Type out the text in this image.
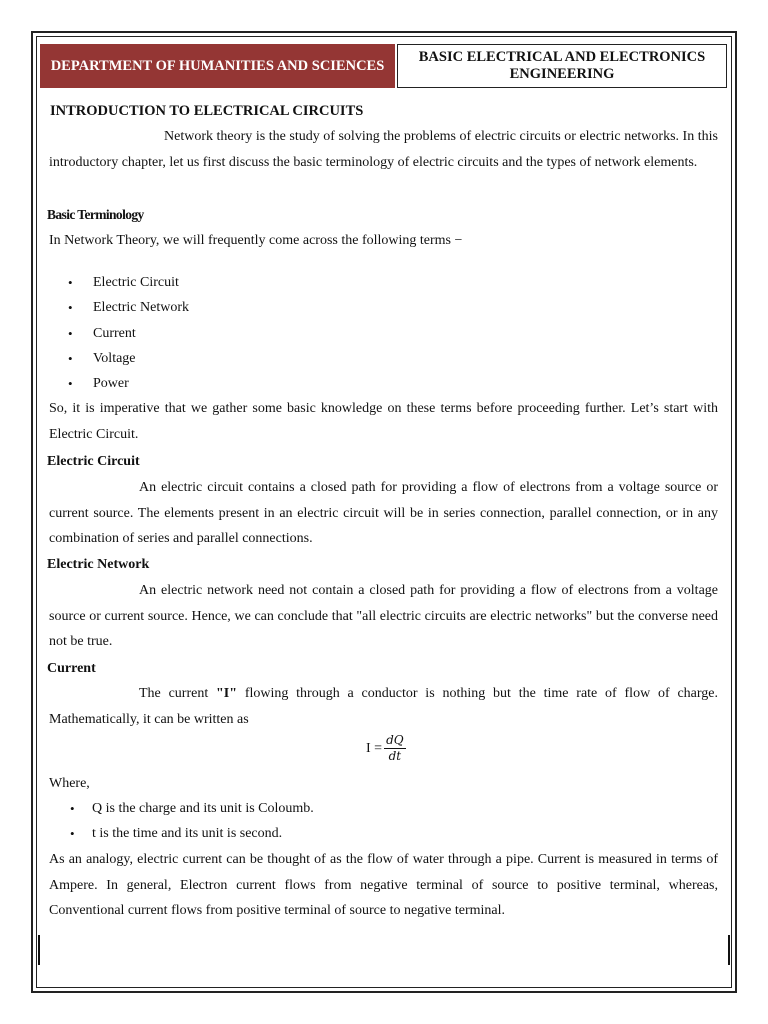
DEPARTMENT OF HUMANITIES AND SCIENCES
BASIC ELECTRICAL AND ELECTRONICS ENGINEERING
INTRODUCTION TO ELECTRICAL CIRCUITS
Network theory is the study of solving the problems of electric circuits or electric networks. In this introductory chapter, let us first discuss the basic terminology of electric circuits and the types of network elements.
Basic Terminology
In Network Theory, we will frequently come across the following terms −
• Electric Circuit
• Electric Network
• Current
• Voltage
• Power
So, it is imperative that we gather some basic knowledge on these terms before proceeding further. Let’s start with Electric Circuit.
Electric Circuit
An electric circuit contains a closed path for providing a flow of electrons from a voltage source or current source. The elements present in an electric circuit will be in series connection, parallel connection, or in any combination of series and parallel connections.
Electric Network
An electric network need not contain a closed path for providing a flow of electrons from a voltage source or current source. Hence, we can conclude that "all electric circuits are electric networks" but the converse need not be true.
Current
The current "I" flowing through a conductor is nothing but the time rate of flow of charge. Mathematically, it can be written as
$I = \frac{dQ}{dt}$
Where,
• Q is the charge and its unit is Coloumb.
• t is the time and its unit is second.
As an analogy, electric current can be thought of as the flow of water through a pipe. Current is measured in terms of Ampere. In general, Electron current flows from negative terminal of source to positive terminal, whereas, Conventional current flows from positive terminal of source to negative terminal.
